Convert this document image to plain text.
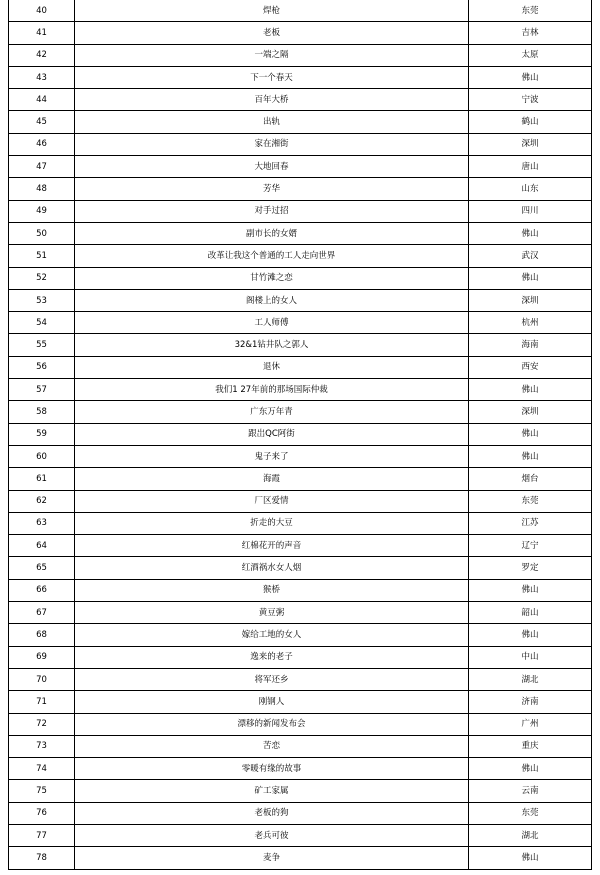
40	焊枪	东莞
41	老板	吉林
42	一端之隔	太原
43	下一个春天	佛山
44	百年大桥	宁波
45	出轨	鹤山
46	家在湘街	深圳
47	大地回春	唐山
48	芳华	山东
49	对手过招	四川
50	副市长的女婿	佛山
51	改革让我这个普通的工人走向世界	武汉
52	甘竹滩之恋	佛山
53	阁楼上的女人	深圳
54	工人师傅	杭州
55	32&1钻井队之郭人	海南
56	退休	西安
57	我们1 27年前的那场国际仲裁	佛山
58	广东万年青	深圳
59	跟岀QC阿街	佛山
60	鬼子来了	佛山
61	海霞	烟台
62	厂区爱情	东莞
63	折走的大豆	江苏
64	红棉花开的声音	辽宁
65	红酒祸水女人烟	罗定
66	猴桥	佛山
67	黄豆粥	韶山
68	嫁给工地的女人	佛山
69	逸来的老子	中山
70	将军还乡	湖北
71	刚钢人	济南
72	漂移的新闻发布会	广州
73	苦恋	重庆
74	零暖有缘的故事	佛山
75	矿工家属	云南
76	老板的狗	东莞
77	老兵可彼	湖北
78	麦争	佛山
